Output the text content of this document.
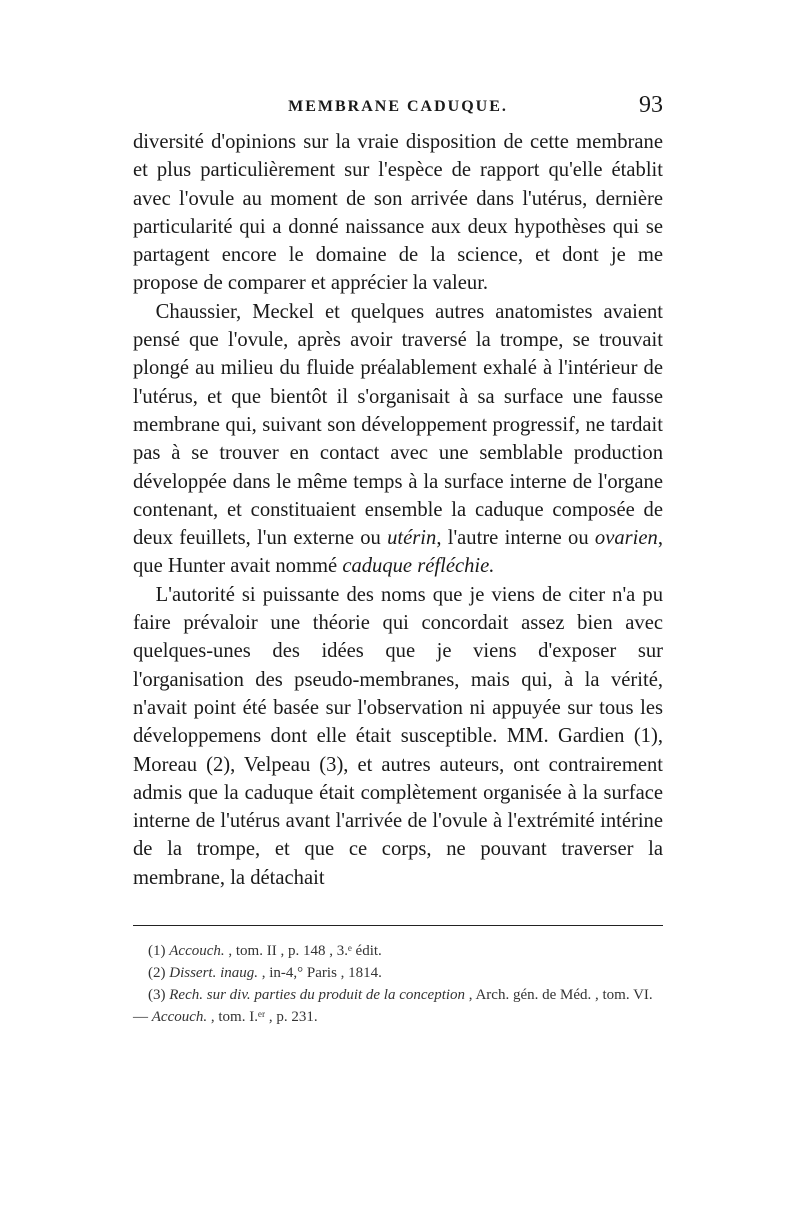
MEMBRANE CADUQUE.	93

diversité d'opinions sur la vraie disposition de cette membrane et plus particulièrement sur l'espèce de rapport qu'elle établit avec l'ovule au moment de son arrivée dans l'utérus, dernière particularité qui a donné naissance aux deux hypothèses qui se partagent encore le domaine de la science, et dont je me propose de comparer et apprécier la valeur.

Chaussier, Meckel et quelques autres anatomistes avaient pensé que l'ovule, après avoir traversé la trompe, se trouvait plongé au milieu du fluide préalablement exhalé à l'intérieur de l'utérus, et que bientôt il s'organisait à sa surface une fausse membrane qui, suivant son développement progressif, ne tardait pas à se trouver en contact avec une semblable production développée dans le même temps à la surface interne de l'organe contenant, et constituaient ensemble la caduque composée de deux feuillets, l'un externe ou utérin, l'autre interne ou ovarien, que Hunter avait nommé caduque réfléchie.

L'autorité si puissante des noms que je viens de citer n'a pu faire prévaloir une théorie qui concordait assez bien avec quelques-unes des idées que je viens d'exposer sur l'organisation des pseudo-membranes, mais qui, à la vérité, n'avait point été basée sur l'observation ni appuyée sur tous les développemens dont elle était susceptible. MM. Gardien (1), Moreau (2), Velpeau (3), et autres auteurs, ont contrairement admis que la caduque était complètement organisée à la surface interne de l'utérus avant l'arrivée de l'ovule à l'extrémité intérine de la trompe, et que ce corps, ne pouvant traverser la membrane, la détachait

(1) Accouch. , tom. II , p. 148 , 3.ᵉ édit.
(2) Dissert. inaug. , in-4,° Paris , 1814.
(3) Rech. sur div. parties du produit de la conception , Arch. gén. de Méd. , tom. VI. — Accouch. , tom. I.ᵉʳ , p. 231.
